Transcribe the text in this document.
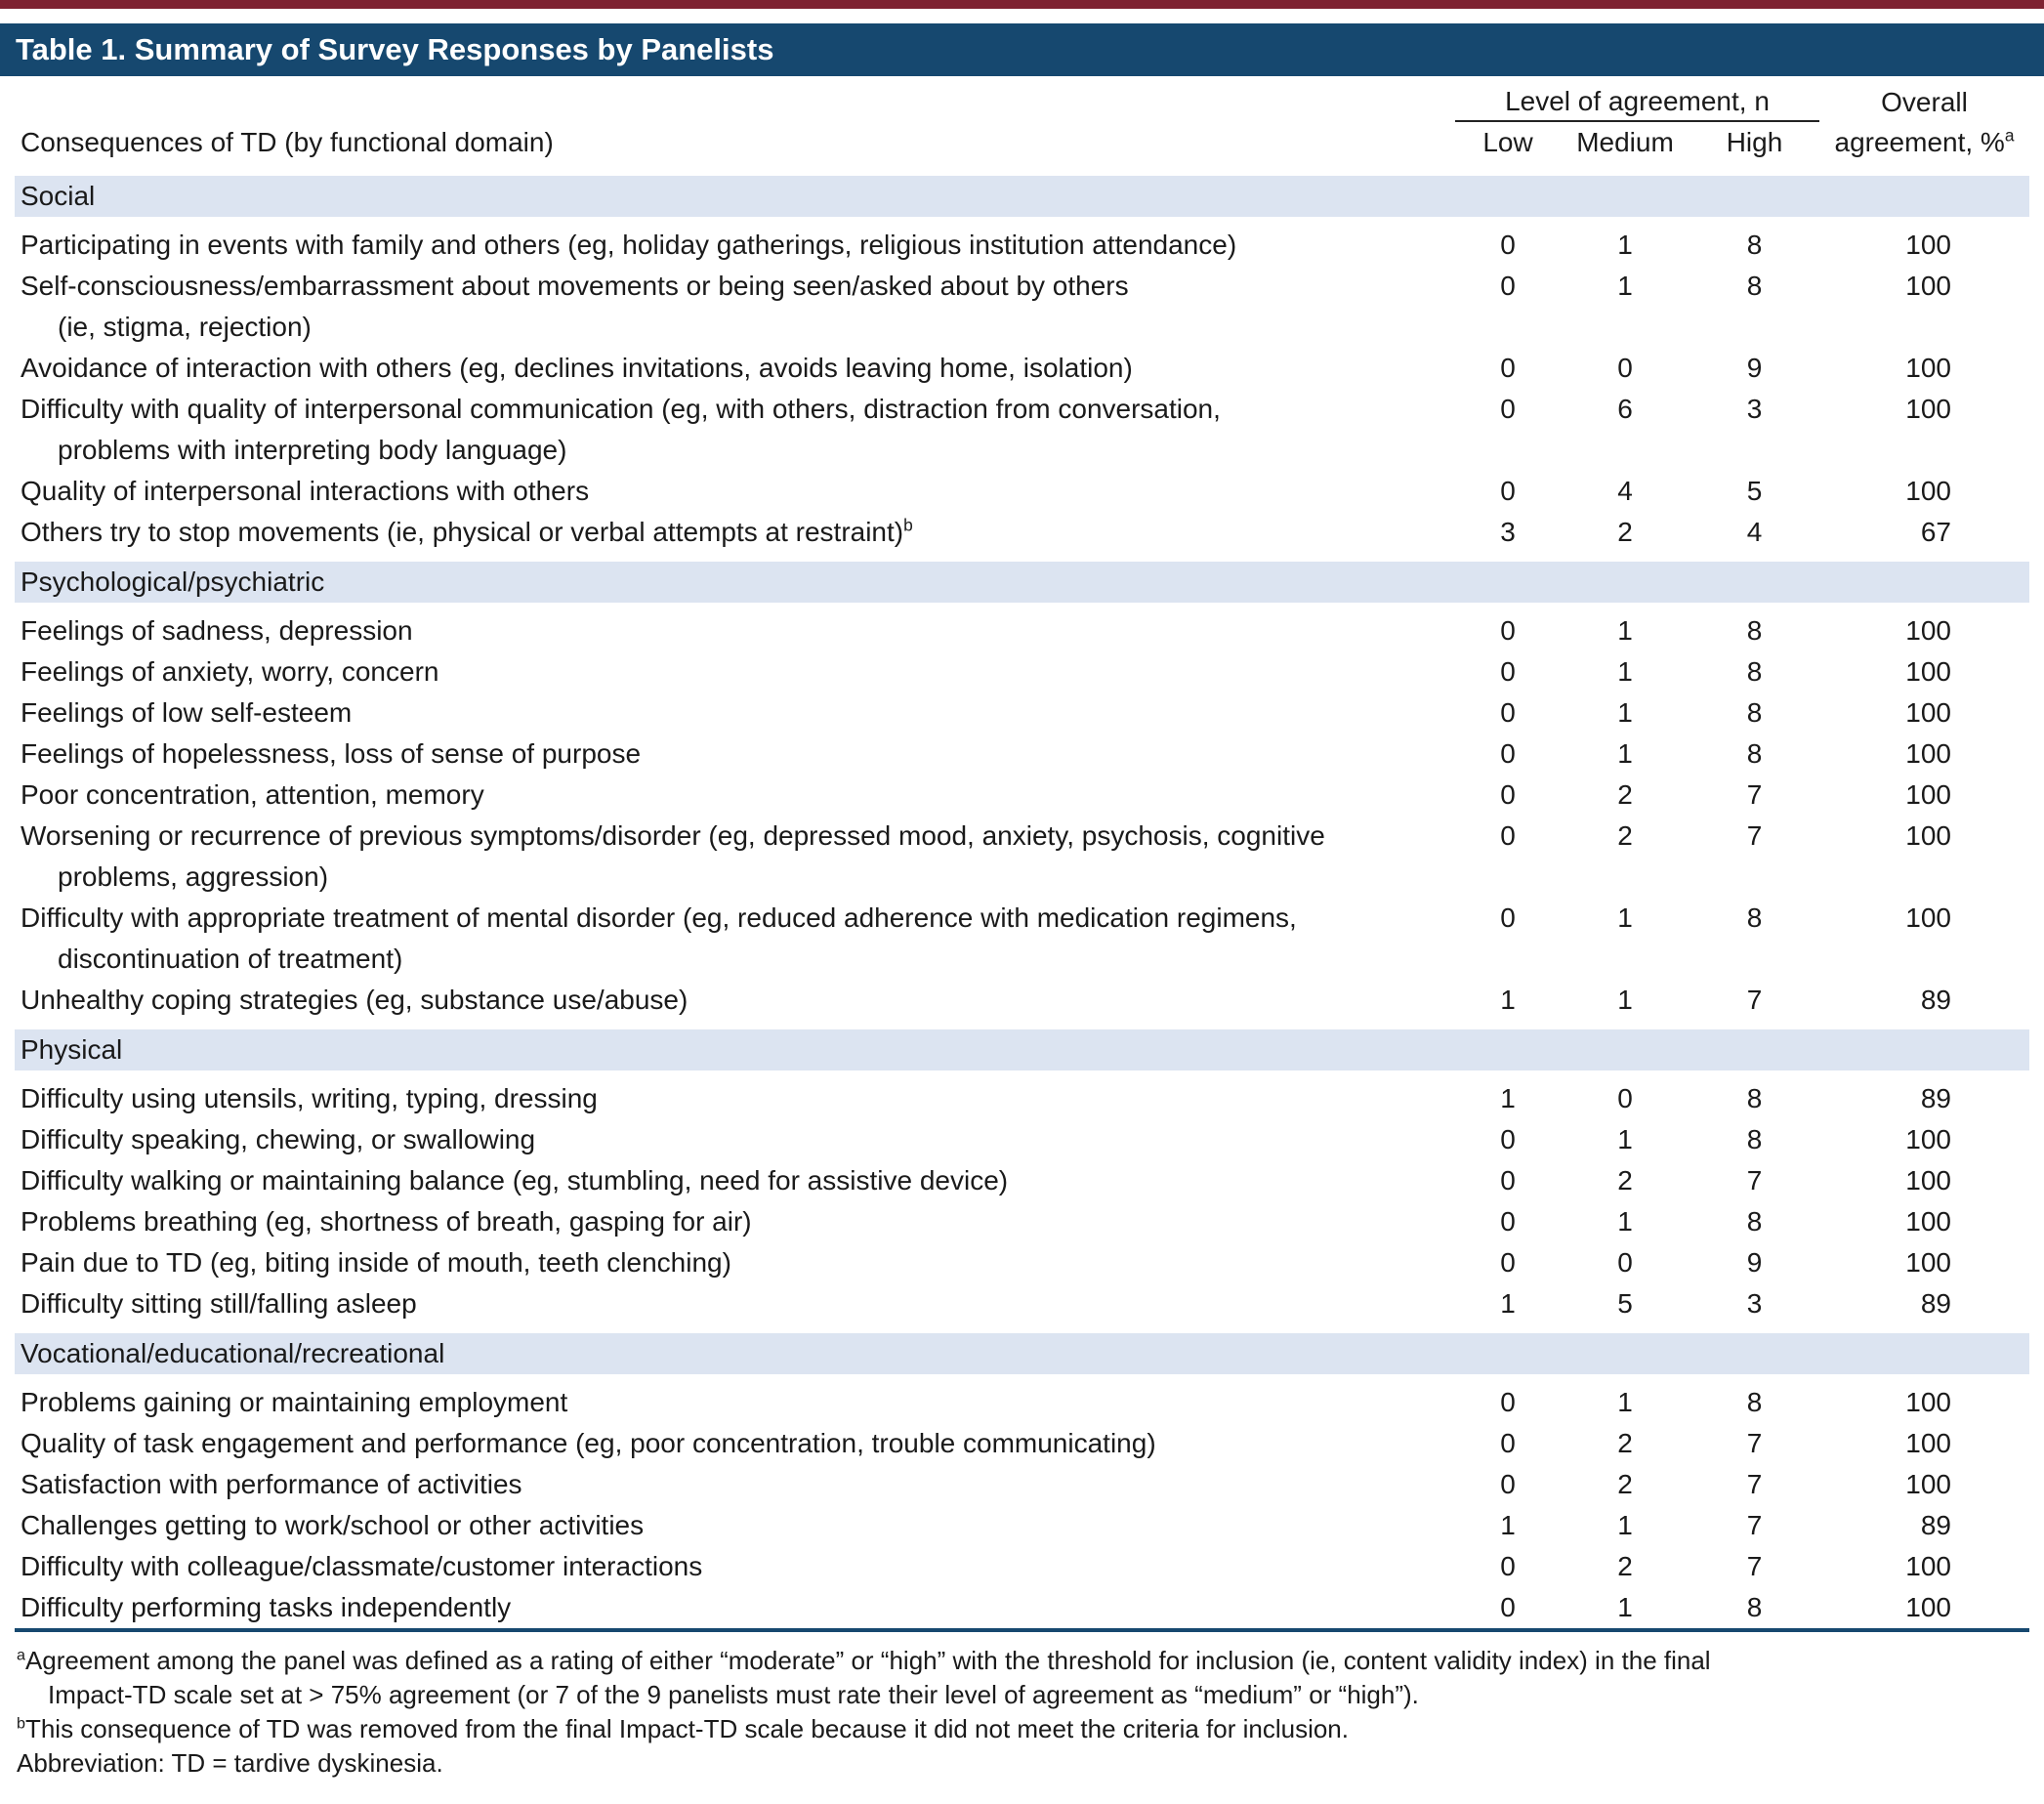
Table 1. Summary of Survey Responses by Panelists
	Level of agreement, n			Overall
Consequences of TD (by functional domain)	Low	Medium	High	agreement, %$^a$
Social				
Participating in events with family and others (eg, holiday gatherings, religious institution attendance)	0	1	8	100
Self-consciousness/embarrassment about movements or being seen/asked about by others
(ie, stigma, rejection)	0	1	8	100
Avoidance of interaction with others (eg, declines invitations, avoids leaving home, isolation)	0	0	9	100
Difficulty with quality of interpersonal communication (eg, with others, distraction from conversation,
problems with interpreting body language)	0	6	3	100
Quality of interpersonal interactions with others	0	4	5	100
Others try to stop movements (ie, physical or verbal attempts at restraint)$^b$	3	2	4	67
Psychological/psychiatric				
Feelings of sadness, depression	0	1	8	100
Feelings of anxiety, worry, concern	0	1	8	100
Feelings of low self-esteem	0	1	8	100
Feelings of hopelessness, loss of sense of purpose	0	1	8	100
Poor concentration, attention, memory	0	2	7	100
Worsening or recurrence of previous symptoms/disorder (eg, depressed mood, anxiety, psychosis, cognitive
problems, aggression)	0	2	7	100
Difficulty with appropriate treatment of mental disorder (eg, reduced adherence with medication regimens,
discontinuation of treatment)	0	1	8	100
Unhealthy coping strategies (eg, substance use/abuse)	1	1	7	89
Physical				
Difficulty using utensils, writing, typing, dressing	1	0	8	89
Difficulty speaking, chewing, or swallowing	0	1	8	100
Difficulty walking or maintaining balance (eg, stumbling, need for assistive device)	0	2	7	100
Problems breathing (eg, shortness of breath, gasping for air)	0	1	8	100
Pain due to TD (eg, biting inside of mouth, teeth clenching)	0	0	9	100
Difficulty sitting still/falling asleep	1	5	3	89
Vocational/educational/recreational				
Problems gaining or maintaining employment	0	1	8	100
Quality of task engagement and performance (eg, poor concentration, trouble communicating)	0	2	7	100
Satisfaction with performance of activities	0	2	7	100
Challenges getting to work/school or other activities	1	1	7	89
Difficulty with colleague/classmate/customer interactions	0	2	7	100
Difficulty performing tasks independently	0	1	8	100
$^a$Agreement among the panel was defined as a rating of either “moderate” or “high” with the threshold for inclusion (ie, content validity index) in the final
Impact-TD scale set at > 75% agreement (or 7 of the 9 panelists must rate their level of agreement as “medium” or “high”).
$^b$This consequence of TD was removed from the final Impact-TD scale because it did not meet the criteria for inclusion.
Abbreviation: TD = tardive dyskinesia.
